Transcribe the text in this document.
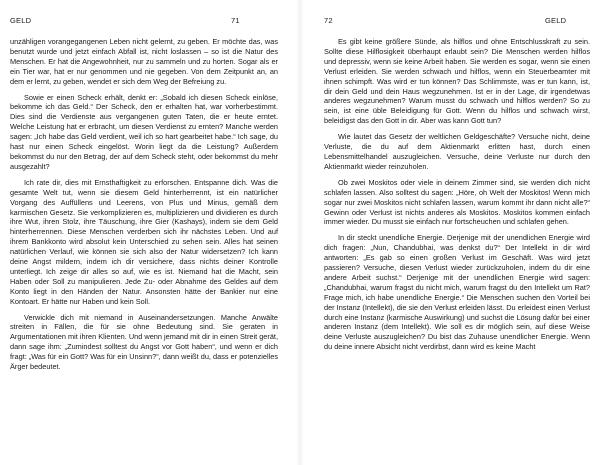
GELD	71

unzähligen vorangegangenen Leben nicht gelernt, zu geben. Er möchte das, was benutzt wurde und jetzt einfach Abfall ist, nicht loslassen – so ist die Natur des Menschen. Er hat die Angewohnheit, nur zu sammeln und zu horten. Sogar als er ein Tier war, hat er nur genommen und nie gegeben. Von dem Zeitpunkt an, an dem er lernt, zu geben, wendet er sich dem Weg der Befreiung zu.

Sowie er einen Scheck erhält, denkt er: „Sobald ich diesen Scheck einlöse, bekomme ich das Geld.“ Der Scheck, den er erhalten hat, war vorherbestimmt. Dies sind die Verdienste aus vergangenen guten Taten, die er heute erntet. Welche Leistung hat er erbracht, um diesen Verdienst zu ernten? Manche werden sagen: „Ich habe das Geld verdient, weil ich so hart gearbeitet habe.“ Ich sage, du hast nur einen Scheck eingelöst. Worin liegt da die Leistung? Außerdem bekommst du nur den Betrag, der auf dem Scheck steht, oder bekommst du mehr ausgezahlt?

Ich rate dir, dies mit Ernsthaftigkeit zu erforschen. Entspanne dich. Was die gesamte Welt tut, wenn sie diesem Geld hinterherrennt, ist ein natürlicher Vorgang des Auffüllens und Leerens, von Plus und Minus, gemäß dem karmischen Gesetz. Sie verkomplizieren es, multiplizieren und dividieren es durch ihre Wut, ihren Stolz, ihre Täuschung, ihre Gier (Kashays), indem sie dem Geld hinterherrennen. Diese Menschen verderben sich ihr nächstes Leben. Und auf ihrem Bankkonto wird absolut kein Unterschied zu sehen sein. Alles hat seinen natürlichen Verlauf, wie können sie sich also der Natur widersetzen? Ich kann deine Angst mildern, indem ich dir versichere, dass nichts deiner Kontrolle unterliegt. Ich zeige dir alles so auf, wie es ist. Niemand hat die Macht, sein Haben oder Soll zu manipulieren. Jede Zu- oder Abnahme des Geldes auf dem Konto liegt in den Händen der Natur. Ansonsten hätte der Bankier nur eine Kontoart. Er hätte nur Haben und kein Soll.

Verwickle dich mit niemand in Auseinandersetzungen. Manche Anwälte streiten in Fällen, die für sie ohne Bedeutung sind. Sie geraten in Argumentationen mit ihren Klienten. Und wenn jemand mit dir in einen Streit gerät, dann sage ihm: „Zumindest solltest du Angst vor Gott haben“, und wenn er dich fragt: „Was für ein Gott? Was für ein Unsinn?“, dann weißt du, dass er potenzielles Ärger bedeutet.

72	GELD

Es gibt keine größere Sünde, als hilflos und ohne Entschlusskraft zu sein. Sollte diese Hilflosigkeit überhaupt erlaubt sein? Die Menschen werden hilflos und depressiv, wenn sie keine Arbeit haben. Sie werden es sogar, wenn sie einen Verlust erleiden. Sie werden schwach und hilflos, wenn ein Steuerbeamter mit ihnen schimpft. Was wird er tun können? Das Schlimmste, was er tun kann, ist, dir dein Geld und dein Haus wegzunehmen. Ist er in der Lage, dir irgendetwas anderes wegzunehmen? Warum musst du schwach und hilflos werden? So zu sein, ist eine üble Beleidigung für Gott. Wenn du hilflos und schwach wirst, beleidigst das den Gott in dir. Aber was kann Gott tun?

Wie lautet das Gesetz der weltlichen Geldgeschäfte? Versuche nicht, deine Verluste, die du auf dem Aktienmarkt erlitten hast, durch einen Lebensmittelhandel auszugleichen. Versuche, deine Verluste nur durch den Aktienmarkt wieder reinzuholen.

Ob zwei Moskitos oder viele in deinem Zimmer sind, sie werden dich nicht schlafen lassen. Also solltest du sagen: „Höre, oh Welt der Moskitos! Wenn mich sogar nur zwei Moskitos nicht schlafen lassen, warum kommt ihr dann nicht alle?“ Gewinn oder Verlust ist nichts anderes als Moskitos. Moskitos kommen einfach immer wieder. Du musst sie einfach nur fortscheuchen und schlafen gehen.

In dir steckt unendliche Energie. Derjenige mit der unendlichen Energie wird dich fragen: „Nun, Chandubhai, was denkst du?“ Der Intellekt in dir wird antworten: „Es gab so einen großen Verlust im Geschäft. Was wird jetzt passieren? Versuche, diesen Verlust wieder zurückzuholen, indem du dir eine andere Arbeit suchst.“ Derjenige mit der unendlichen Energie wird sagen: „Chandubhai, warum fragst du nicht mich, warum fragst du den Intellekt um Rat? Frage mich, ich habe unendliche Energie.“ Die Menschen suchen den Vorteil bei der Instanz (Intellekt), die sie den Verlust erleiden lässt. Du erleidest einen Verlust durch eine Instanz (karmische Auswirkung) und suchst die Lösung dafür bei einer anderen Instanz (dem Intellekt). Wie soll es dir möglich sein, auf diese Weise deine Verluste auszugleichen? Du bist das Zuhause unendlicher Energie. Wenn du deine innere Absicht nicht verdirbst, dann wird es keine Macht
